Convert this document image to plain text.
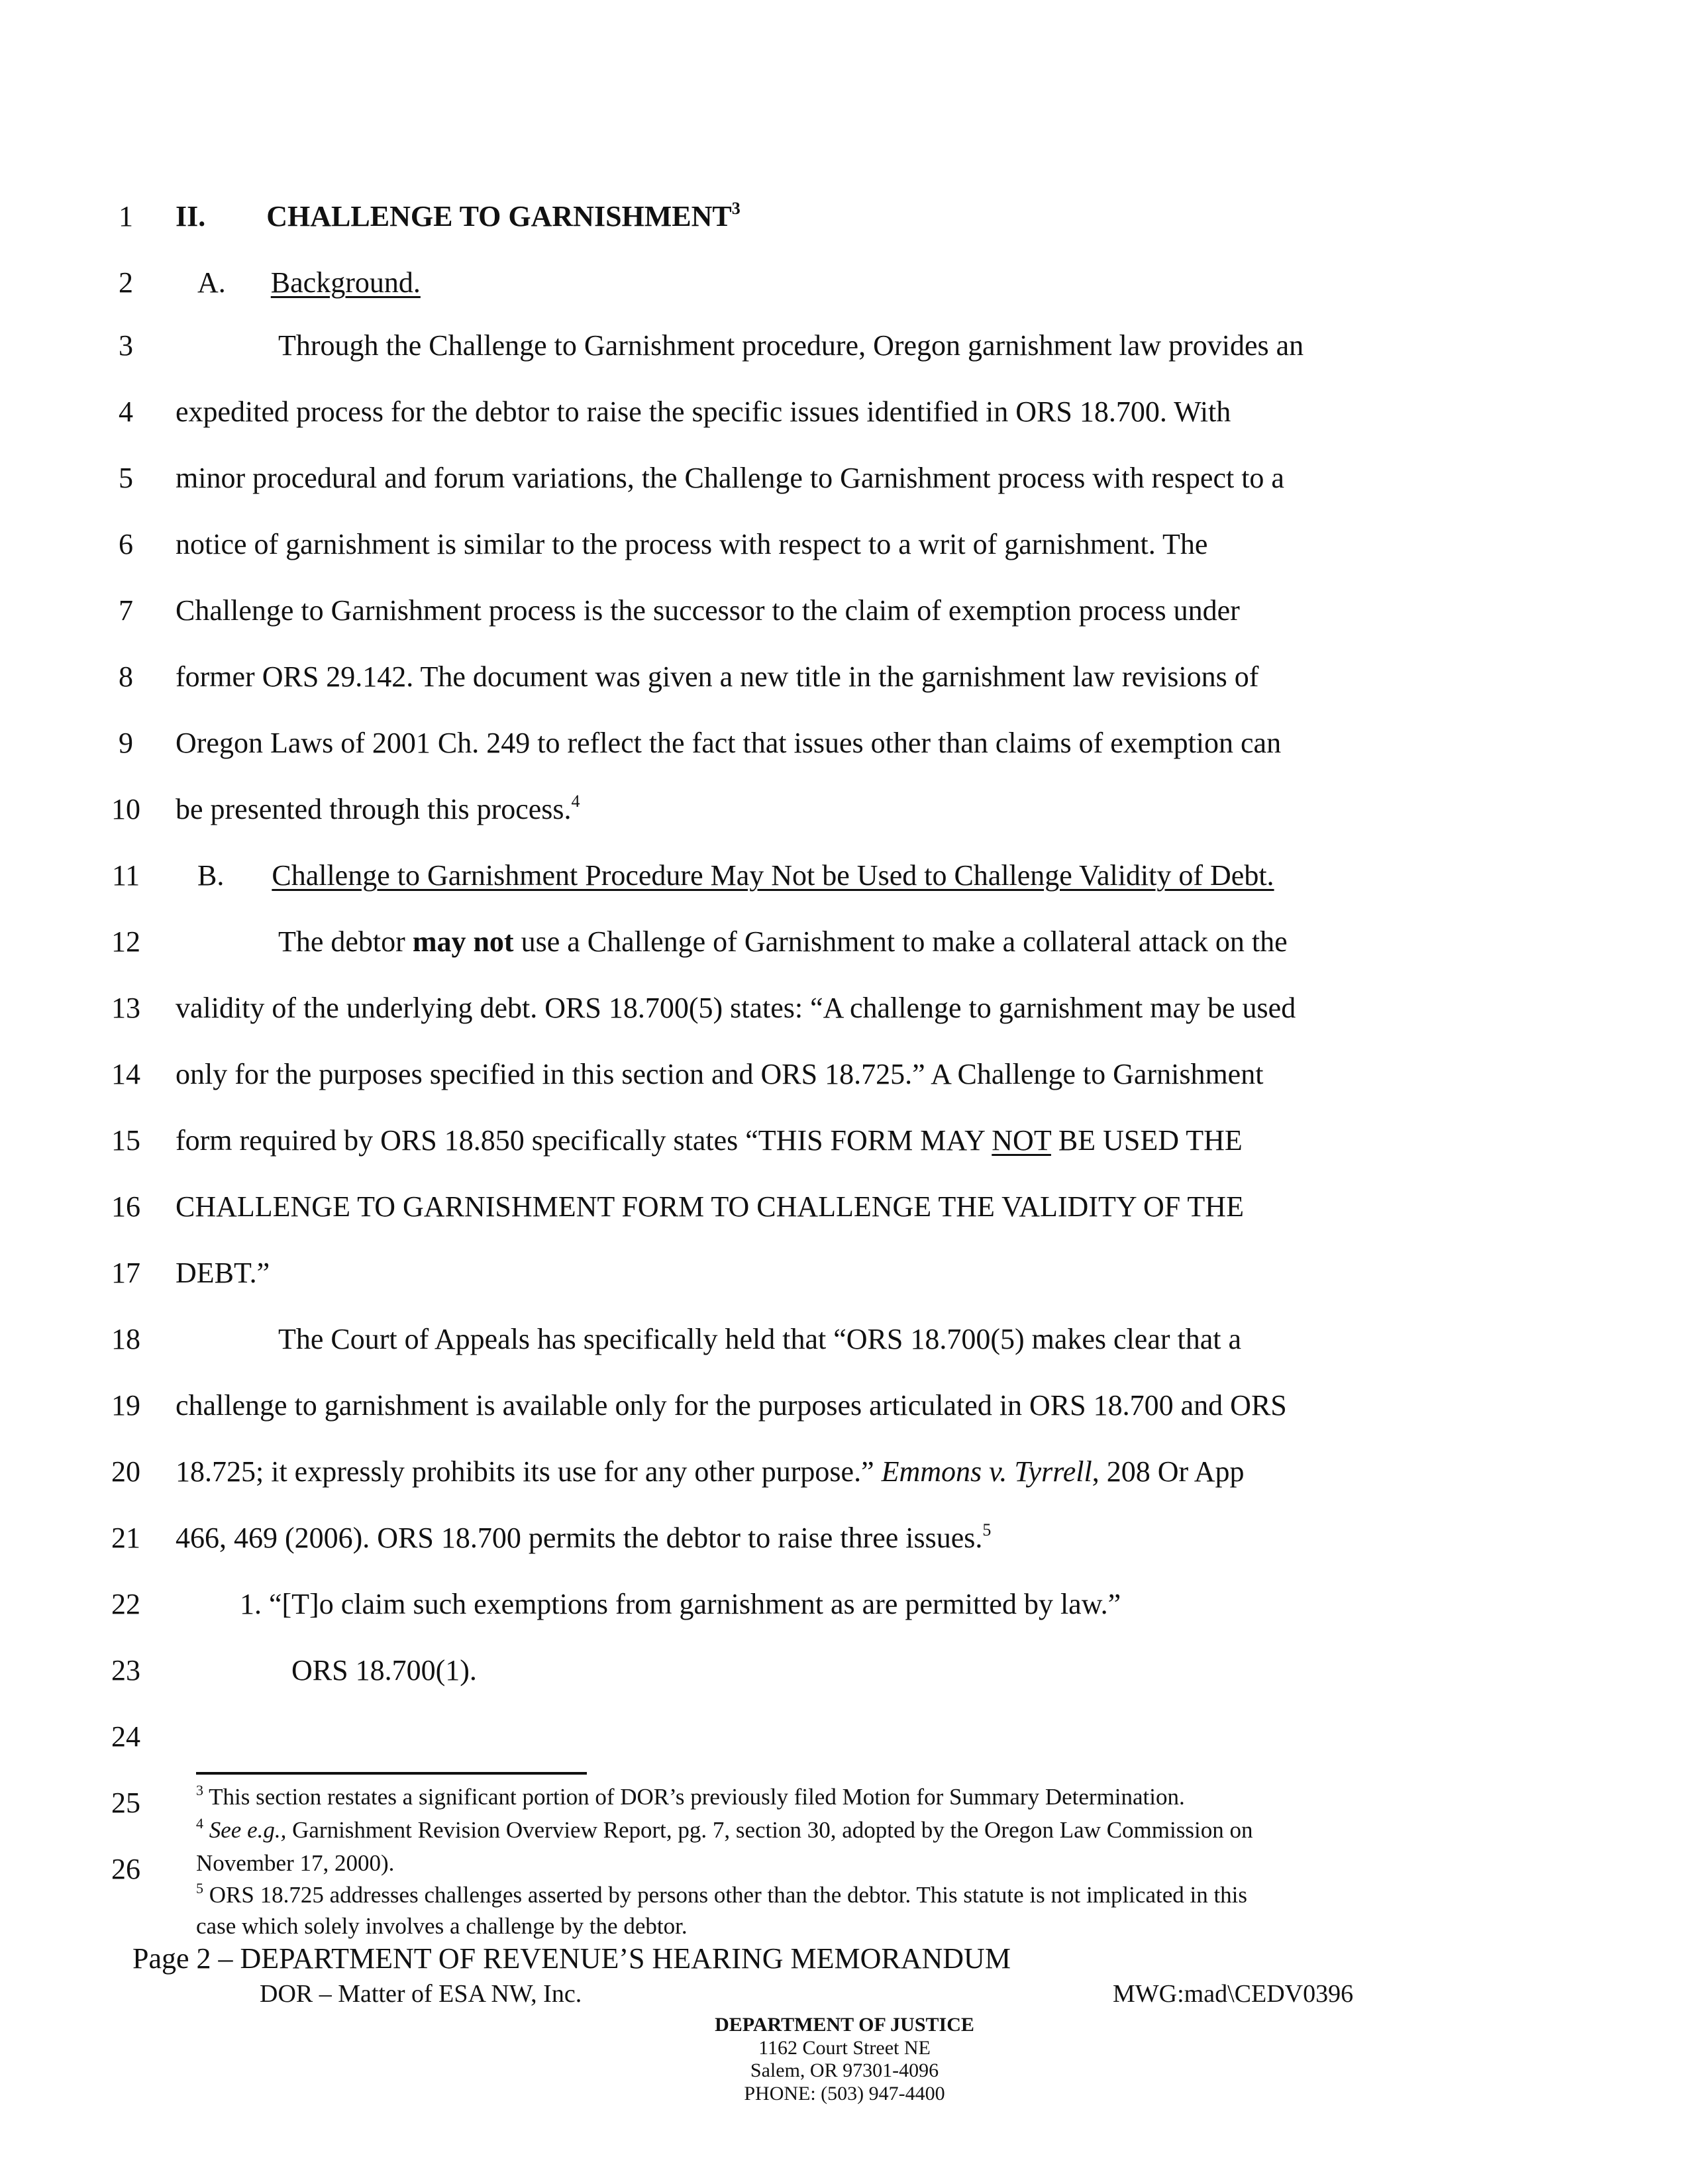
1
2
3
4
5
6
7
8
9
10
11
12
13
14
15
16
17
18
19
20
21
22
23
24
25
26
II. CHALLENGE TO GARNISHMENT$^3$
A. Background.
Through the Challenge to Garnishment procedure, Oregon garnishment law provides an
expedited process for the debtor to raise the specific issues identified in ORS 18.700. With
minor procedural and forum variations, the Challenge to Garnishment process with respect to a
notice of garnishment is similar to the process with respect to a writ of garnishment. The
Challenge to Garnishment process is the successor to the claim of exemption process under
former ORS 29.142. The document was given a new title in the garnishment law revisions of
Oregon Laws of 2001 Ch. 249 to reflect the fact that issues other than claims of exemption can
be presented through this process.$^4$
B. Challenge to Garnishment Procedure May Not be Used to Challenge Validity of Debt.
The debtor may not use a Challenge of Garnishment to make a collateral attack on the
validity of the underlying debt. ORS 18.700(5) states: “A challenge to garnishment may be used
only for the purposes specified in this section and ORS 18.725.” A Challenge to Garnishment
form required by ORS 18.850 specifically states “THIS FORM MAY NOT BE USED THE
CHALLENGE TO GARNISHMENT FORM TO CHALLENGE THE VALIDITY OF THE
DEBT.”
The Court of Appeals has specifically held that “ORS 18.700(5) makes clear that a
challenge to garnishment is available only for the purposes articulated in ORS 18.700 and ORS
18.725; it expressly prohibits its use for any other purpose.” Emmons v. Tyrrell, 208 Or App
466, 469 (2006). ORS 18.700 permits the debtor to raise three issues.$^5$
1. “[T]o claim such exemptions from garnishment as are permitted by law.”
ORS 18.700(1).
$^3$ This section restates a significant portion of DOR’s previously filed Motion for Summary Determination.
$^4$ See e.g., Garnishment Revision Overview Report, pg. 7, section 30, adopted by the Oregon Law Commission on
November 17, 2000).
$^5$ ORS 18.725 addresses challenges asserted by persons other than the debtor. This statute is not implicated in this
case which solely involves a challenge by the debtor.
Page 2 – DEPARTMENT OF REVENUE’S HEARING MEMORANDUM
DOR – Matter of ESA NW, Inc.	MWG:mad\CEDV0396
DEPARTMENT OF JUSTICE
1162 Court Street NE
Salem, OR 97301-4096
PHONE: (503) 947-4400
